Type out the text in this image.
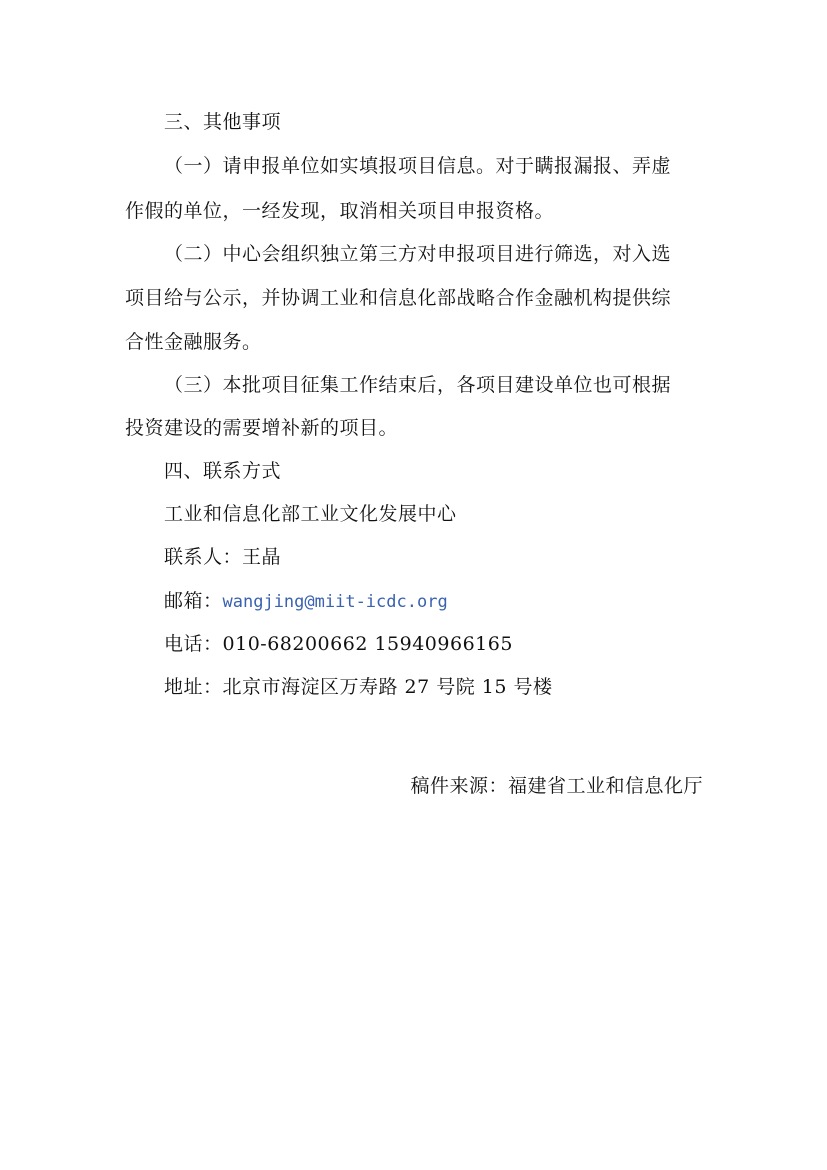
三、其他事项
（一）请申报单位如实填报项目信息。对于瞒报漏报、弄虚
作假的单位，一经发现，取消相关项目申报资格。
（二）中心会组织独立第三方对申报项目进行筛选，对入选
项目给与公示，并协调工业和信息化部战略合作金融机构提供综
合性金融服务。
（三）本批项目征集工作结束后，各项目建设单位也可根据
投资建设的需要增补新的项目。
四、联系方式
工业和信息化部工业文化发展中心
联系人：王晶
邮箱：wangjing@miit-icdc.org
电话：010-68200662 15940966165
地址：北京市海淀区万寿路 27 号院 15 号楼
稿件来源：福建省工业和信息化厅
